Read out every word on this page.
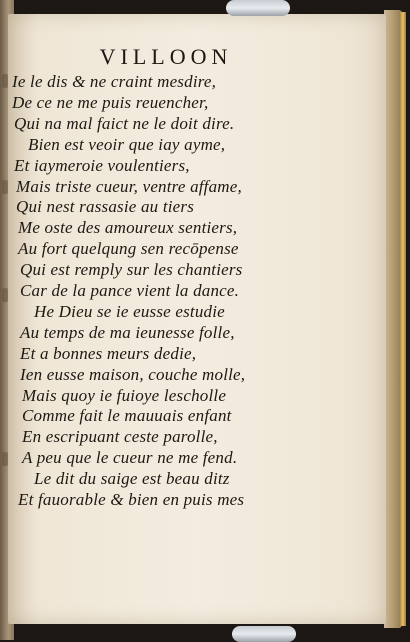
VILLOON
Ie le dis & ne craint mesdire,
De ce ne me puis reuencher,
Qui na mal faict ne le doit dire.
Bien est veoir que iay ayme,
Et iaymeroie voulentiers,
Mais triste cueur, ventre affame,
Qui nest rassasie au tiers
Me oste des amoureux sentiers,
Au fort quelqung sen recōpense
Qui est remply sur les chantiers
Car de la pance vient la dance.
He Dieu se ie eusse estudie
Au temps de ma ieunesse folle,
Et a bonnes meurs dedie,
Ien eusse maison, couche molle,
Mais quoy ie fuioye lescholle
Comme fait le mauuais enfant
En escripuant ceste parolle,
A peu que le cueur ne me fend.
Le dit du saige est beau ditz
Et fauorable & bien en puis mes
